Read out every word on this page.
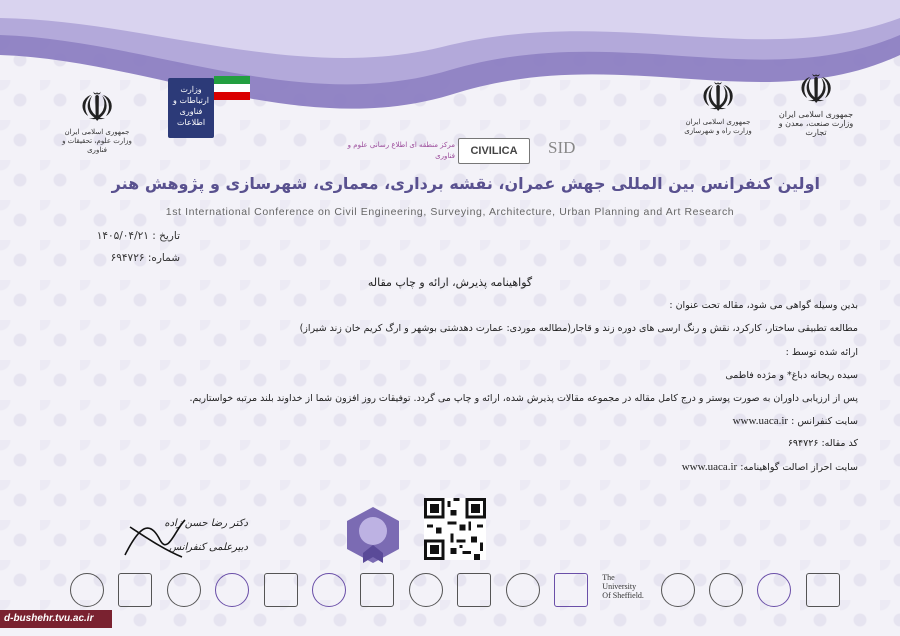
☫
جمهوری اسلامی ایران
وزارت علوم، تحقیقات و فناوری
وزارت ارتباطات و فناوری اطلاعات
مرکز منطقه ای اطلاع رسانی علوم و فناوری	CIVILICA	SID
☫
جمهوری اسلامی ایران
وزارت راه و شهرسازی
☫
جمهوری اسلامی ایران
وزارت صنعت، معدن و تجارت
اولین کنفرانس بین المللی جهش عمران، نقشه برداری، معماری، شهرسازی و پژوهش هنر
1st International Conference on Civil Engineering, Surveying, Architecture, Urban Planning and Art Research
تاریخ : ۱۴۰۵/۰۴/۲۱
شماره: ۶۹۴۷۲۶
گواهینامه پذیرش، ارائه و چاپ مقاله
بدین وسیله گواهی می شود، مقاله تحت عنوان :
مطالعه تطبیقی ساختار، کارکرد، نقش و رنگ ارسی های دوره زند و قاجار(مطالعه موردی: عمارت دهدشتی بوشهر و ارگ کریم خان زند شیراز)
ارائه شده توسط :
سیده ریحانه دباغ* و مژده فاطمی
پس از ارزیابی داوران به صورت پوستر و درج کامل مقاله در مجموعه مقالات پذیرش شده، ارائه و چاپ می گردد. توفیقات روز افزون شما از خداوند بلند مرتبه خواستاریم.
سایت کنفرانس : www.uaca.ir
کد مقاله: ۶۹۴۷۲۶
سایت احراز اصالت گواهینامه: www.uaca.ir
دکتر رضا حسن زاده
دبیرعلمی کنفرانس
The University Of Sheffield.
d-bushehr.tvu.ac.ir
